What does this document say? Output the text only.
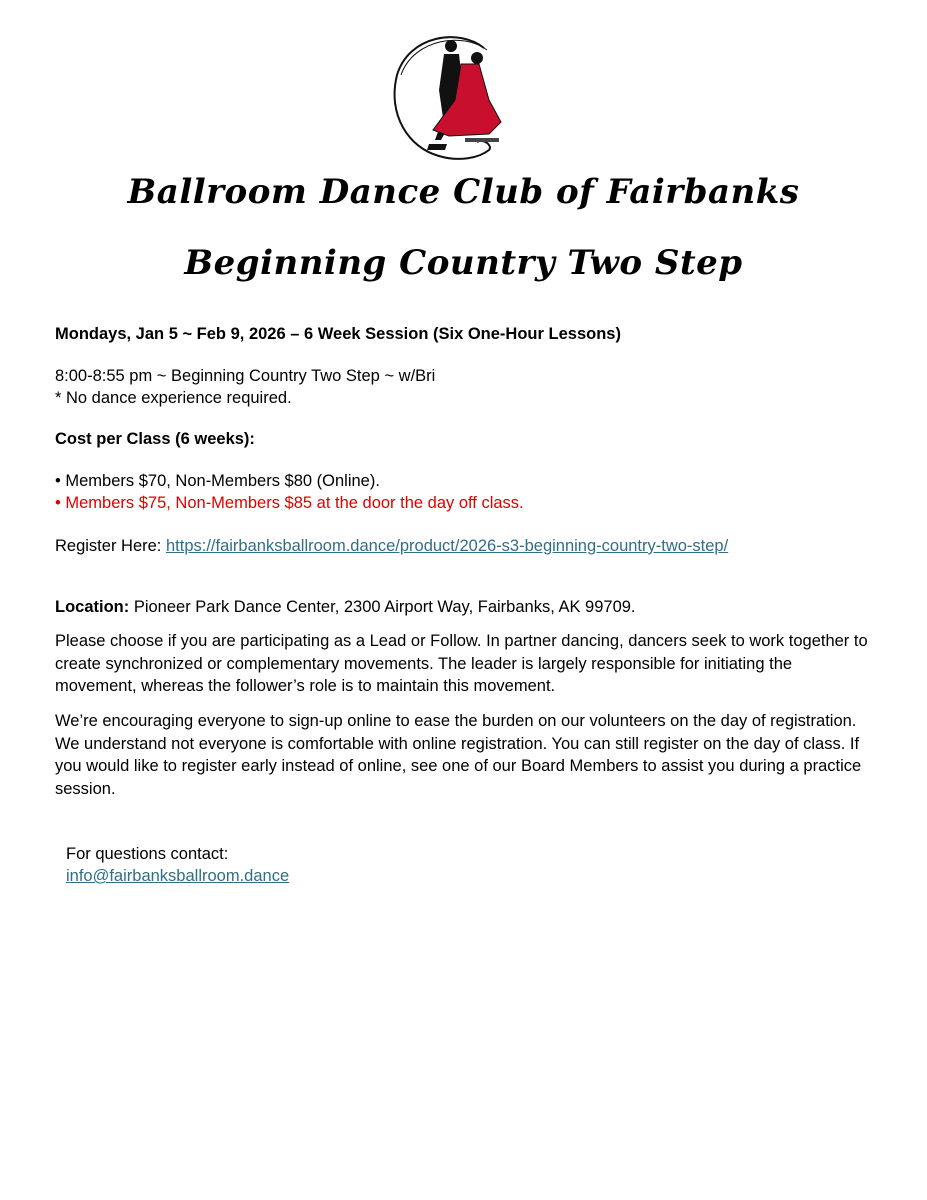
Ballroom Dance Club of Fairbanks
Beginning Country Two Step
Mondays, Jan 5 ~ Feb 9, 2026 – 6 Week Session (Six One-Hour Lessons)
8:00-8:55 pm ~ Beginning Country Two Step ~ w/Bri
* No dance experience required.
Cost per Class (6 weeks):
• Members $70, Non-Members $80 (Online).
• Members $75, Non-Members $85 at the door the day off class.
Register Here: https://fairbanksballroom.dance/product/2026-s3-beginning-country-two-step/
Location: Pioneer Park Dance Center, 2300 Airport Way, Fairbanks, AK 99709.
Please choose if you are participating as a Lead or Follow. In partner dancing, dancers seek to work together to create synchronized or complementary movements. The leader is largely responsible for initiating the movement, whereas the follower’s role is to maintain this movement.
We’re encouraging everyone to sign-up online to ease the burden on our volunteers on the day of registration. We understand not everyone is comfortable with online registration. You can still register on the day of class. If you would like to register early instead of online, see one of our Board Members to assist you during a practice session.
For questions contact:
info@fairbanksballroom.dance
